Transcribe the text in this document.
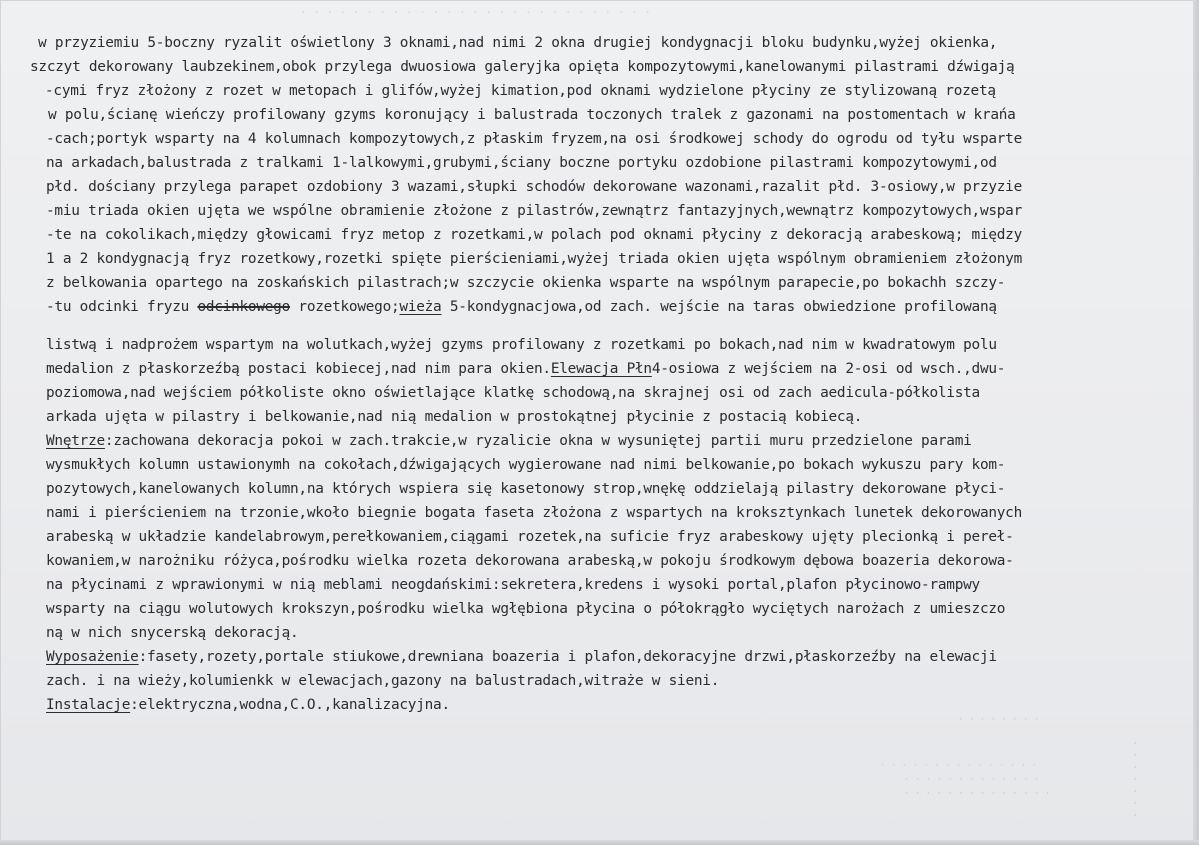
· · · · · · · · · · · · · · · · · · · · · · · · · · ·
w przyziemiu 5-boczny ryzalit oświetlony 3 oknami,nad nimi 2 okna drugiej kondygnacji bloku budynku,wyżej okienka,
szczyt dekorowany laubzekinem,obok przylega dwuosiowa galeryjka opięta kompozytowymi,kanelowanymi pilastrami dźwigają
-cymi fryz złożony z rozet w metopach i glifów,wyżej kimation,pod oknami wydzielone płyciny ze stylizowaną rozetą
w polu,ścianę wieńczy profilowany gzyms koronujący i balustrada toczonych tralek z gazonami na postomentach w krańa
-cach;portyk wsparty na 4 kolumnach kompozytowych,z płaskim fryzem,na osi środkowej schody do ogrodu od tyłu wsparte
na arkadach,balustrada z tralkami 1-lalkowymi,grubymi,ściany boczne portyku ozdobione pilastrami kompozytowymi,od
płd. dościany przylega parapet ozdobiony 3 wazami,słupki schodów dekorowane wazonami,razalit płd. 3-osiowy,w przyzie
-miu triada okien ujęta we wspólne obramienie złożone z pilastrów,zewnątrz fantazyjnych,wewnątrz kompozytowych,wspar
-te na cokolikach,między głowicami fryz metop z rozetkami,w polach pod oknami płyciny z dekoracją arabeskową; między
1 a 2 kondygnacją fryz rozetkowy,rozetki spięte pierścieniami,wyżej triada okien ujęta wspólnym obramieniem złożonym
z belkowania opartego na zoskańskich pilastrach;w szczycie okienka wsparte na wspólnym parapecie,po bokachh szczy-
-tu odcinki fryzu odcinkowego rozetkowego;wieża 5-kondygnacjowa,od zach. wejście na taras obwiedzione profilowaną
listwą i nadprożem wspartym na wolutkach,wyżej gzyms profilowany z rozetkami po bokach,nad nim w kwadratowym polu
medalion z płaskorzeźbą postaci kobiecej,nad nim para okien.Elewacja Płn4-osiowa z wejściem na 2-osi od wsch.,dwu-
poziomowa,nad wejściem półkoliste okno oświetlające klatkę schodową,na skrajnej osi od zach aedicula-półkolista
arkada ujęta w pilastry i belkowanie,nad nią medalion w prostokątnej płycinie z postacią kobiecą.
Wnętrze:zachowana dekoracja pokoi w zach.trakcie,w ryzalicie okna w wysuniętej partii muru przedzielone parami
wysmukłych kolumn ustawionymh na cokołach,dźwigających wygierowane nad nimi belkowanie,po bokach wykuszu pary kom-
pozytowych,kanelowanych kolumn,na których wspiera się kasetonowy strop,wnękę oddzielają pilastry dekorowane płyci-
nami i pierścieniem na trzonie,wkoło biegnie bogata faseta złożona z wspartych na kroksztynkach lunetek dekorowanych
arabeską w układzie kandelabrowym,perełkowaniem,ciągami rozetek,na suficie fryz arabeskowy ujęty plecionką i pereł-
kowaniem,w narożniku różyca,pośrodku wielka rozeta dekorowana arabeską,w pokoju środkowym dębowa boazeria dekorowa-
na płycinami z wprawionymi w nią meblami neogdańskimi:sekretera,kredens i wysoki portal,plafon płycinowo-rampwy
wsparty na ciągu wolutowych krokszyn,pośrodku wielka wgłębiona płycina o półokrągło wyciętych narożach z umieszczo
ną w nich snycerską dekoracją.
Wyposażenie:fasety,rozety,portale stiukowe,drewniana boazeria i plafon,dekoracyjne drzwi,płaskorzeźby na elewacji
zach. i na wieży,kolumienkk w elewacjach,gazony na balustradach,witraże w sieni.
Instalacje:elektryczna,wodna,C.O.,kanalizacyjna.
· · · · · · · ·
· · · · · · · · · · · · · · ·
· · · · · · · · · · · · ·
· · · · · · · · · · · · · ·	· · · · · · ·
